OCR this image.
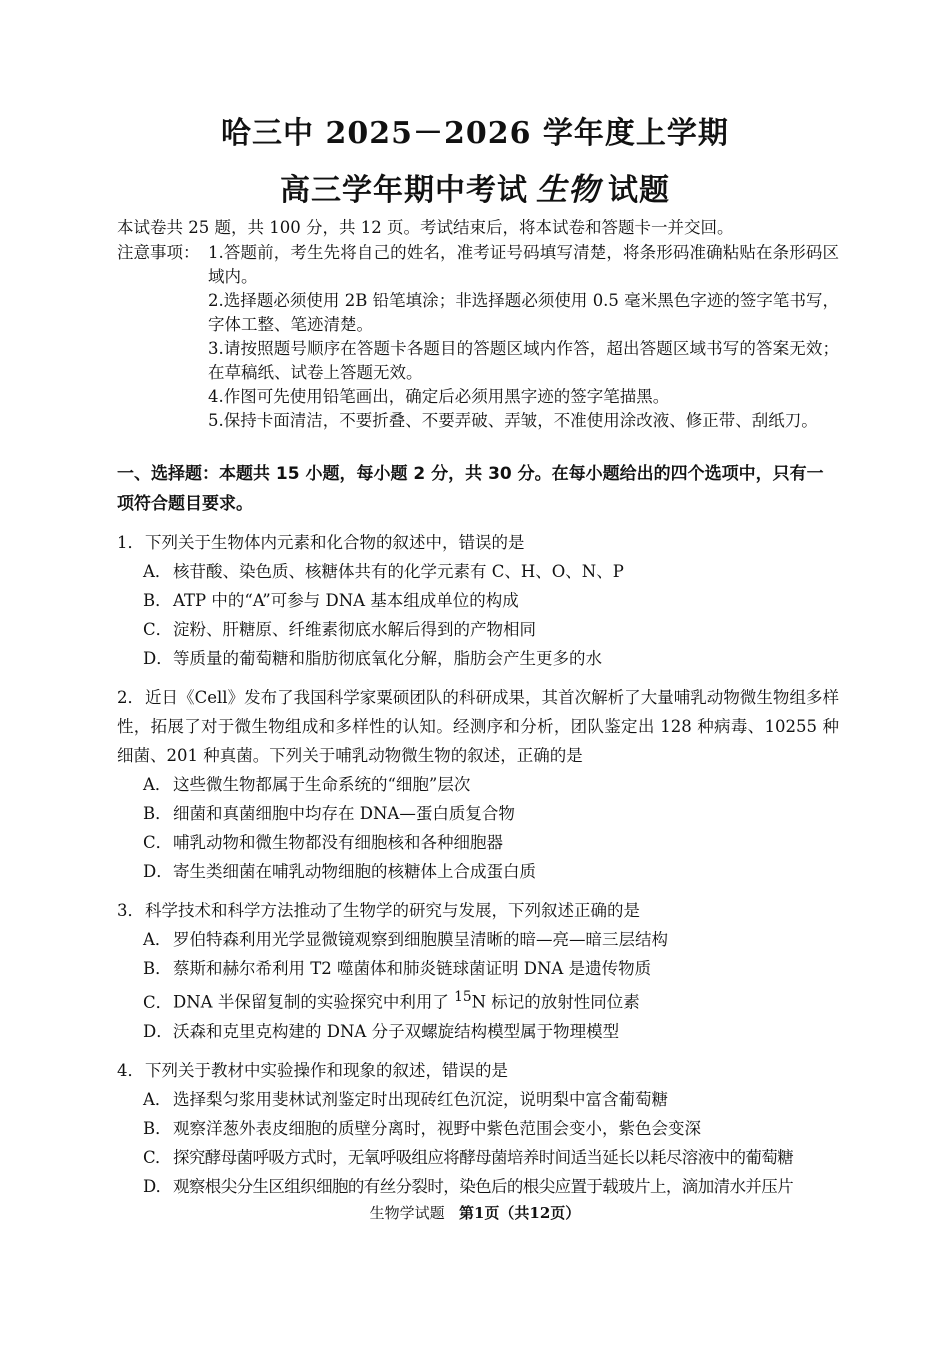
哈三中 2025－2026 学年度上学期
高三学年期中考试 生物 试题
本试卷共 25 题，共 100 分，共 12 页。考试结束后，将本试卷和答题卡一并交回。
注意事项： 1.答题前，考生先将自己的姓名，准考证号码填写清楚，将条形码准确粘贴在条形码区域内。

2.选择题必须使用 2B 铅笔填涂；非选择题必须使用 0.5 毫米黑色字迹的签字笔书写，字体工整、笔迹清楚。

3.请按照题号顺序在答题卡各题目的答题区域内作答，超出答题区域书写的答案无效；在草稿纸、试卷上答题无效。

4.作图可先使用铅笔画出，确定后必须用黑字迹的签字笔描黑。

5.保持卡面清洁，不要折叠、不要弄破、弄皱，不准使用涂改液、修正带、刮纸刀。

一、选择题：本题共 15 小题，每小题 2 分，共 30 分。在每小题给出的四个选项中，只有一项符合题目要求。
1．下列关于生物体内元素和化合物的叙述中，错误的是
A．核苷酸、染色质、核糖体共有的化学元素有 C、H、O、N、P
B．ATP 中的“A”可参与 DNA 基本组成单位的构成
C．淀粉、肝糖原、纤维素彻底水解后得到的产物相同
D．等质量的葡萄糖和脂肪彻底氧化分解，脂肪会产生更多的水
2．近日《Cell》发布了我国科学家粟硕团队的科研成果，其首次解析了大量哺乳动物微生物组多样性，拓展了对于微生物组成和多样性的认知。经测序和分析，团队鉴定出 128 种病毒、10255 种细菌、201 种真菌。下列关于哺乳动物微生物的叙述，正确的是
A．这些微生物都属于生命系统的“细胞”层次
B．细菌和真菌细胞中均存在 DNA—蛋白质复合物
C．哺乳动物和微生物都没有细胞核和各种细胞器
D．寄生类细菌在哺乳动物细胞的核糖体上合成蛋白质
3．科学技术和科学方法推动了生物学的研究与发展，下列叙述正确的是
A．罗伯特森利用光学显微镜观察到细胞膜呈清晰的暗—亮—暗三层结构
B．蔡斯和赫尔希利用 T2 噬菌体和肺炎链球菌证明 DNA 是遗传物质
C．DNA 半保留复制的实验探究中利用了 $^{15}$N 标记的放射性同位素
D．沃森和克里克构建的 DNA 分子双螺旋结构模型属于物理模型
4．下列关于教材中实验操作和现象的叙述，错误的是
A．选择梨匀浆用斐林试剂鉴定时出现砖红色沉淀，说明梨中富含葡萄糖
B．观察洋葱外表皮细胞的质壁分离时，视野中紫色范围会变小，紫色会变深
C． 探究酵母菌呼吸方式时，无氧呼吸组应将酵母菌培养时间适当延长以耗尽溶液中的葡萄糖
D．观察根尖分生区组织细胞的有丝分裂时，染色后的根尖应置于载玻片上，滴加清水并压片
生物学试题 第1页（共12页）
